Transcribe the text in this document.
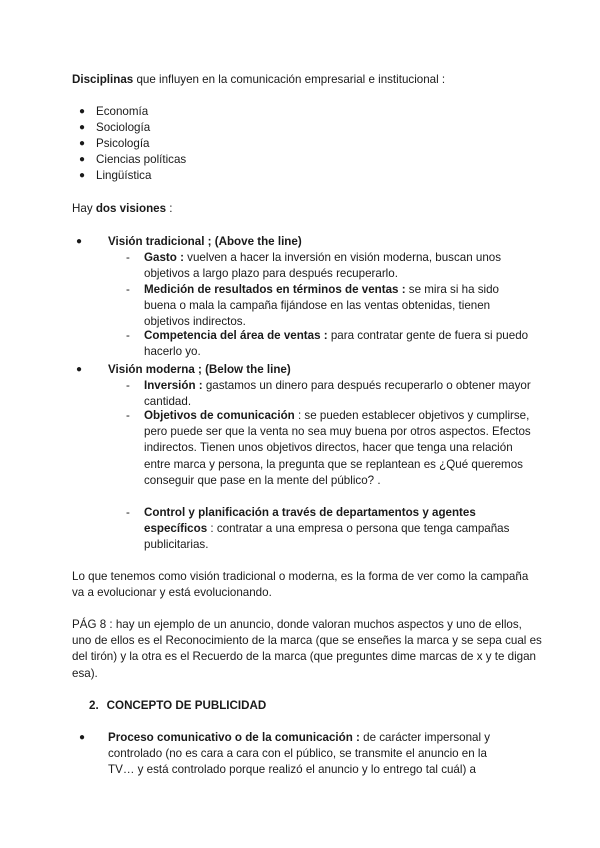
Disciplinas que influyen en la comunicación empresarial e institucional :

● Economía
● Sociología
● Psicología
● Ciencias políticas
● Lingüística

Hay dos visiones :

● Visión tradicional ; (Above the line)
- Gasto : vuelven a hacer la inversión en visión moderna, buscan unos objetivos a largo plazo para después recuperarlo.
- Medición de resultados en términos de ventas : se mira si ha sido buena o mala la campaña fijándose en las ventas obtenidas, tienen objetivos indirectos.
- Competencia del área de ventas : para contratar gente de fuera si puedo hacerlo yo.
● Visión moderna ; (Below the line)
- Inversión : gastamos un dinero para después recuperarlo o obtener mayor cantidad.
- Objetivos de comunicación : se pueden establecer objetivos y cumplirse, pero puede ser que la venta no sea muy buena por otros aspectos. Efectos indirectos. Tienen unos objetivos directos, hacer que tenga una relación entre marca y persona, la pregunta que se replantean es ¿Qué queremos conseguir que pase en la mente del público? .
- Control y planificación a través de departamentos y agentes específicos : contratar a una empresa o persona que tenga campañas publicitarias.

Lo que tenemos como visión tradicional o moderna, es la forma de ver como la campaña va a evolucionar y está evolucionando.

PÁG 8 : hay un ejemplo de un anuncio, donde valoran muchos aspectos y uno de ellos, uno de ellos es el Reconocimiento de la marca (que se enseñes la marca y se sepa cual es del tirón) y la otra es el Recuerdo de la marca (que preguntes dime marcas de x y te digan esa).

2. CONCEPTO DE PUBLICIDAD
● Proceso comunicativo o de la comunicación : de carácter impersonal y controlado (no es cara a cara con el público, se transmite el anuncio en la TV… y está controlado porque realizó el anuncio y lo entrego tal cuál) a
